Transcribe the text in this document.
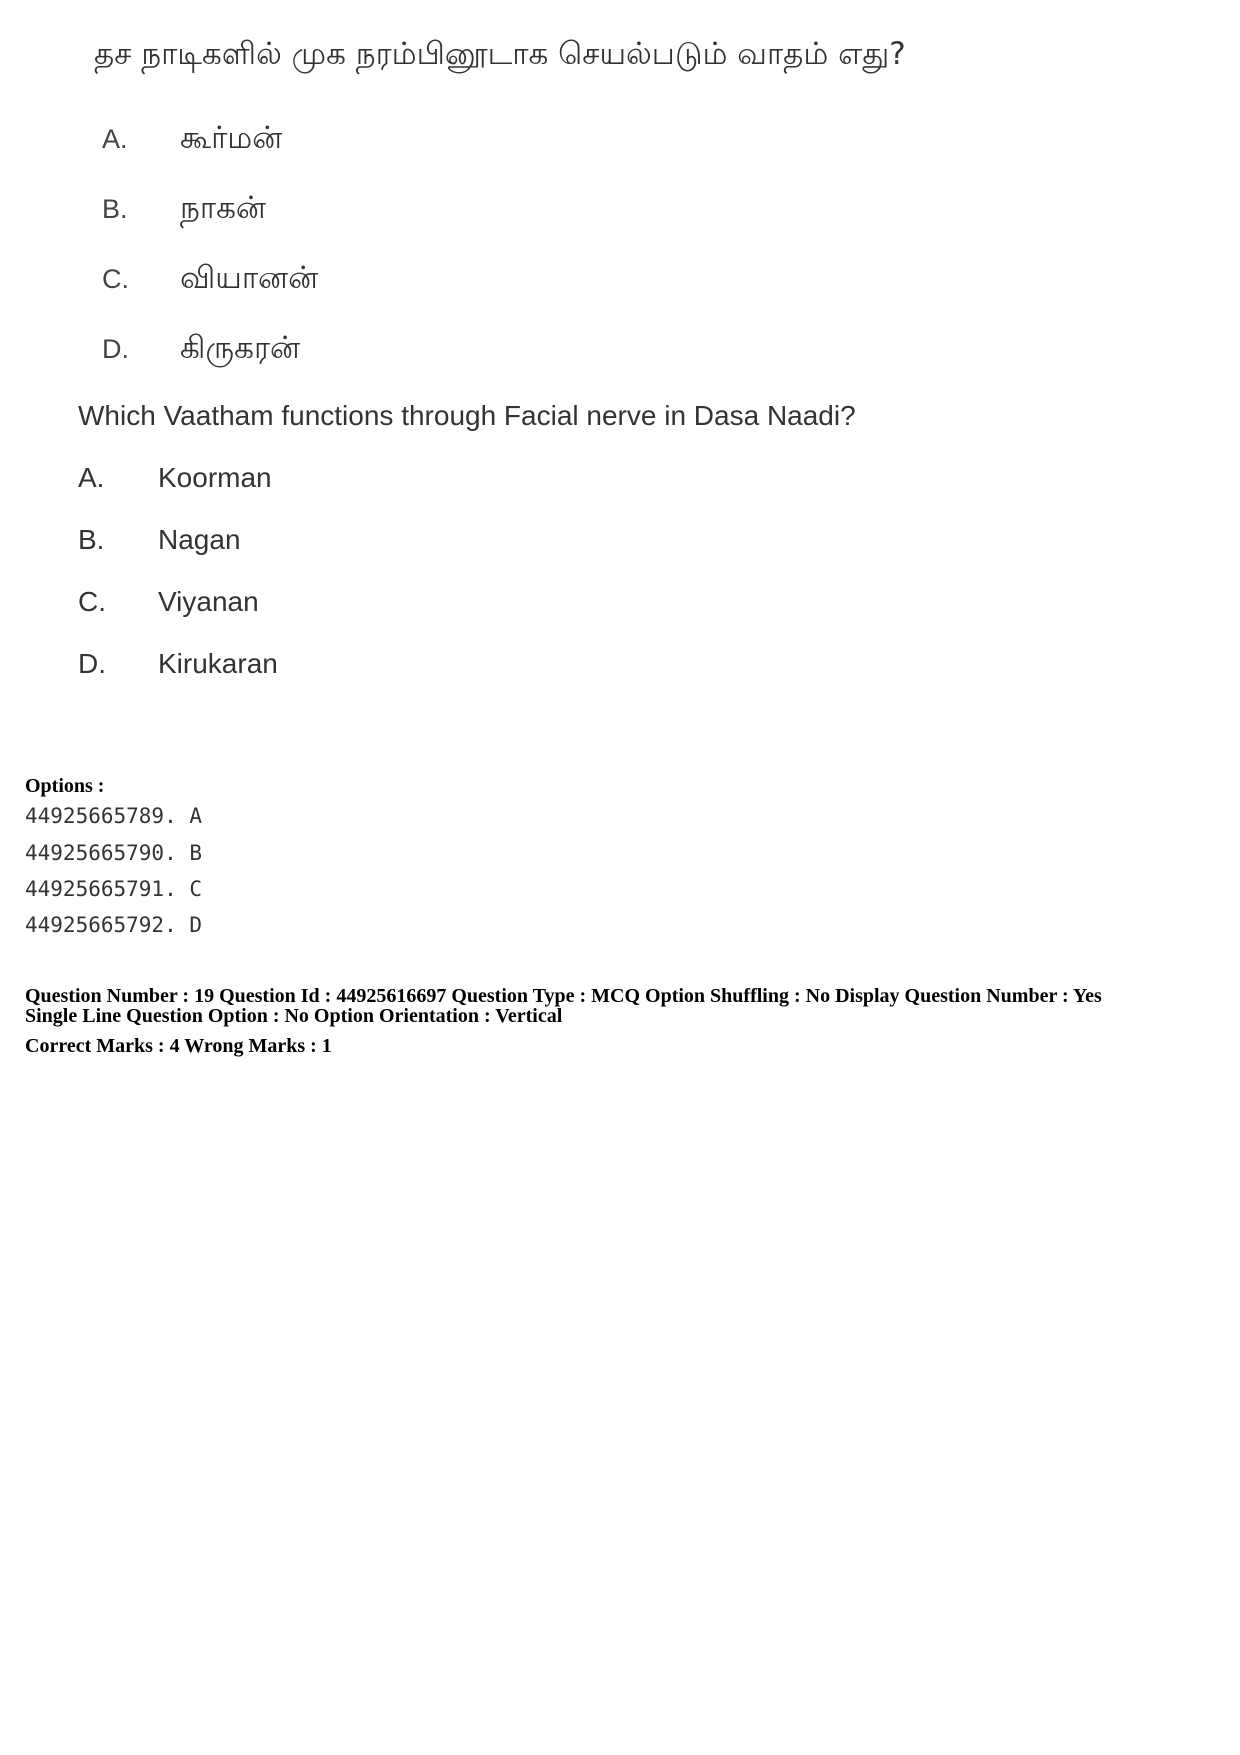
தச நாடிகளில் முக நரம்பினூடாக செயல்படும் வாதம் எது?
A. கூர்மன்
B. நாகன்
C. வியானன்
D. கிருகரன்
Which Vaatham functions through Facial nerve in Dasa Naadi?
A. Koorman
B. Nagan
C. Viyanan
D. Kirukaran
Options :
44925665789. A
44925665790. B
44925665791. C
44925665792. D
Question Number : 19 Question Id : 44925616697 Question Type : MCQ Option Shuffling : No Display Question Number : Yes
Single Line Question Option : No Option Orientation : Vertical
Correct Marks : 4 Wrong Marks : 1
